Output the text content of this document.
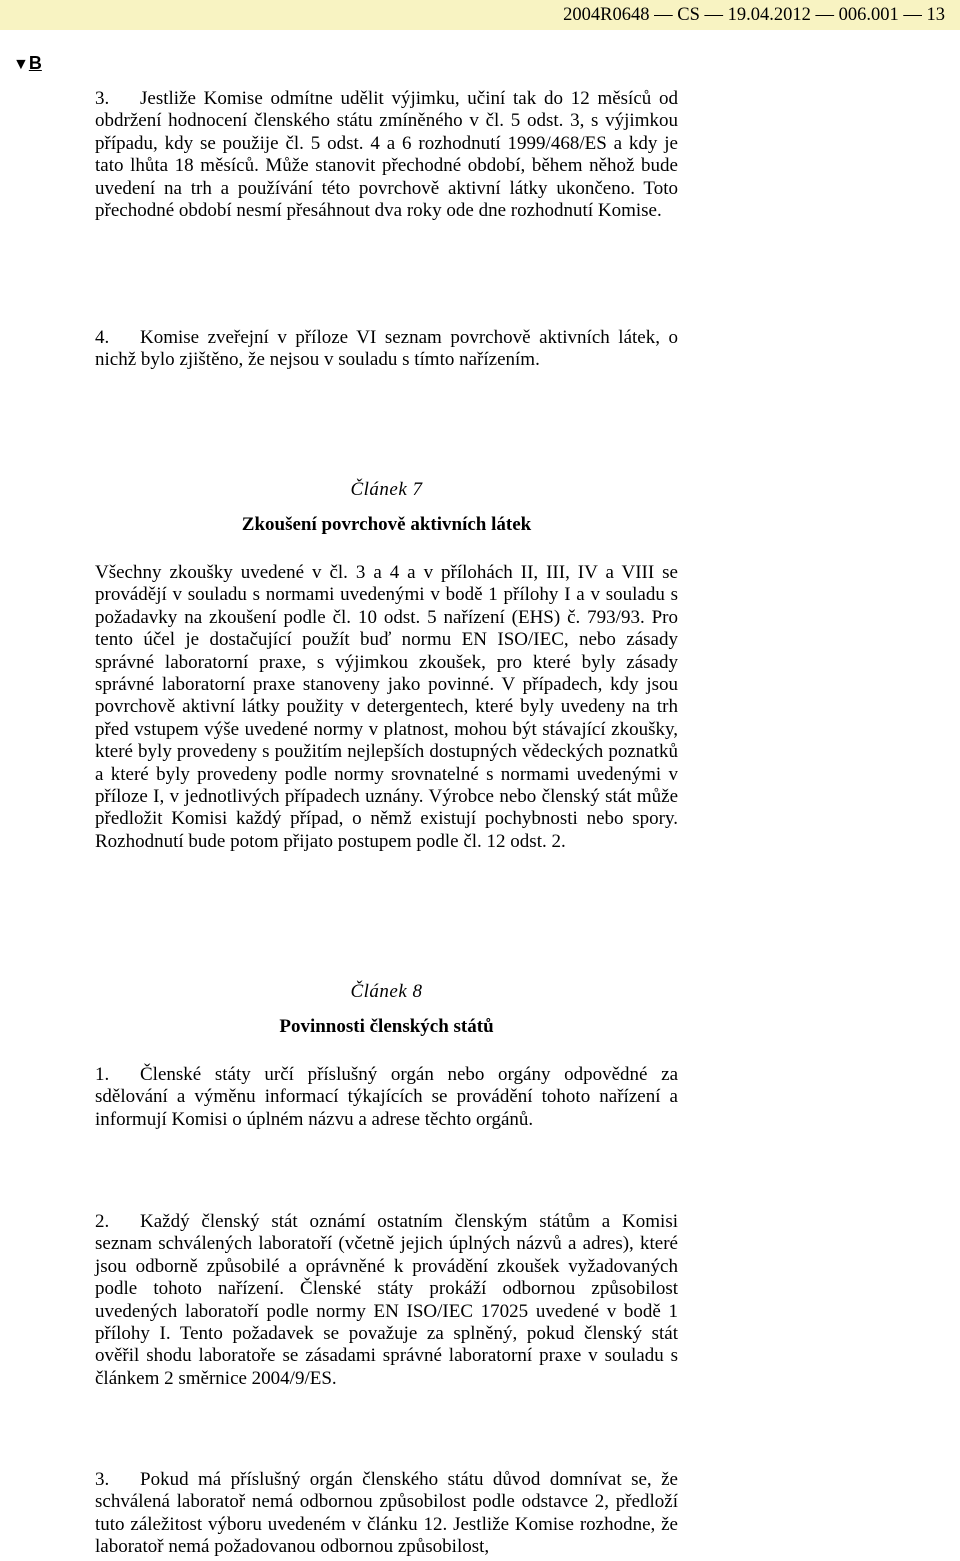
2004R0648 — CS — 19.04.2012 — 006.001 — 13
▼B

3. Jestliže Komise odmítne udělit výjimku, učiní tak do 12 měsíců od obdržení hodnocení členského státu zmíněného v čl. 5 odst. 3, s výjimkou případu, kdy se použije čl. 5 odst. 4 a 6 rozhodnutí 1999/468/ES a kdy je tato lhůta 18 měsíců. Může stanovit přechodné období, během něhož bude uvedení na trh a používání této povrchově aktivní látky ukončeno. Toto přechodné období nesmí přesáhnout dva roky ode dne rozhodnutí Komise.

4. Komise zveřejní v příloze VI seznam povrchově aktivních látek, o nichž bylo zjištěno, že nejsou v souladu s tímto nařízením.

Článek 7

Zkoušení povrchově aktivních látek

Všechny zkoušky uvedené v čl. 3 a 4 a v přílohách II, III, IV a VIII se provádějí v souladu s normami uvedenými v bodě 1 přílohy I a v souladu s požadavky na zkoušení podle čl. 10 odst. 5 nařízení (EHS) č. 793/93. Pro tento účel je dostačující použít buď normu EN ISO/IEC, nebo zásady správné laboratorní praxe, s výjimkou zkoušek, pro které byly zásady správné laboratorní praxe stanoveny jako povinné. V případech, kdy jsou povrchově aktivní látky použity v detergentech, které byly uvedeny na trh před vstupem výše uvedené normy v platnost, mohou být stávající zkoušky, které byly provedeny s použitím nejlepších dostupných vědeckých poznatků a které byly provedeny podle normy srovnatelné s normami uvedenými v příloze I, v jednotlivých případech uznány. Výrobce nebo členský stát může předložit Komisi každý případ, o němž existují pochybnosti nebo spory. Rozhodnutí bude potom přijato postupem podle čl. 12 odst. 2.

Článek 8

Povinnosti členských států

1. Členské státy určí příslušný orgán nebo orgány odpovědné za sdělování a výměnu informací týkajících se provádění tohoto nařízení a informují Komisi o úplném názvu a adrese těchto orgánů.

2. Každý členský stát oznámí ostatním členským státům a Komisi seznam schválených laboratoří (včetně jejich úplných názvů a adres), které jsou odborně způsobilé a oprávněné k provádění zkoušek vyžadovaných podle tohoto nařízení. Členské státy prokáží odbornou způsobilost uvedených laboratoří podle normy EN ISO/IEC 17025 uvedené v bodě 1 přílohy I. Tento požadavek se považuje za splněný, pokud členský stát ověřil shodu laboratoře se zásadami správné laboratorní praxe v souladu s článkem 2 směrnice 2004/9/ES.

3. Pokud má příslušný orgán členského státu důvod domnívat se, že schválená laboratoř nemá odbornou způsobilost podle odstavce 2, předloží tuto záležitost výboru uvedeném v článku 12. Jestliže Komise rozhodne, že laboratoř nemá požadovanou odbornou způsobilost,
